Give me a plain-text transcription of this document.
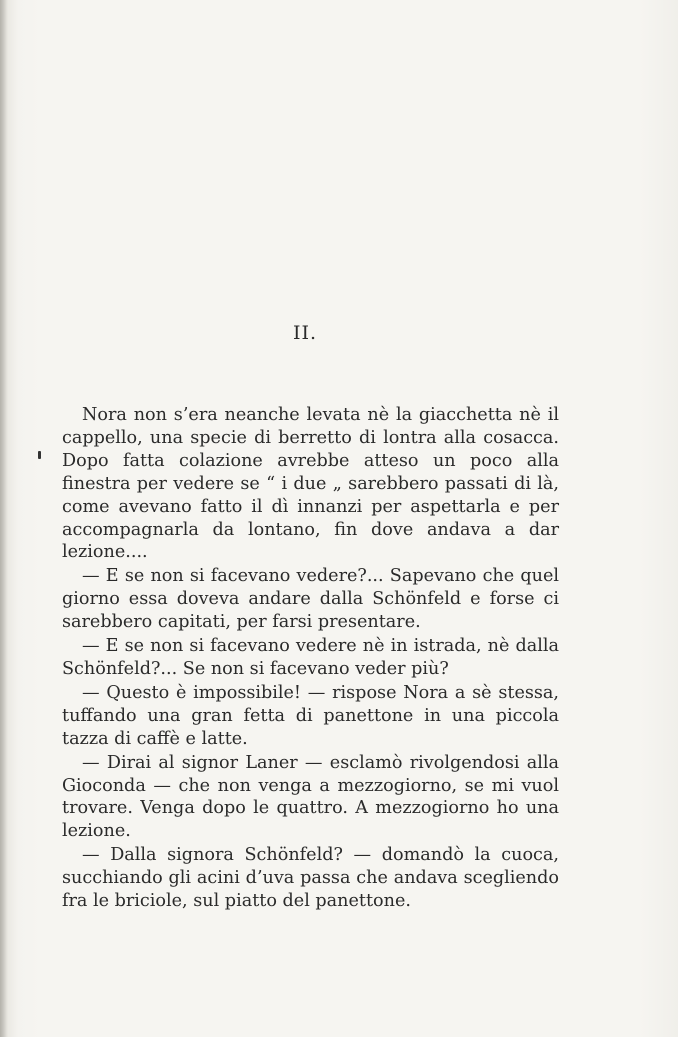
II.

Nora non s’era neanche levata nè la giacchetta nè il cappello, una specie di berretto di lontra alla cosacca. Dopo fatta colazione avrebbe atteso un poco alla finestra per vedere se “ i due „ sarebbero passati di là, come avevano fatto il dì innanzi per aspettarla e per accompagnarla da lontano, fin dove andava a dar lezione....

— E se non si facevano vedere?... Sapevano che quel giorno essa doveva andare dalla Schönfeld e forse ci sarebbero capitati, per farsi presentare.

— E se non si facevano vedere nè in istrada, nè dalla Schönfeld?... Se non si facevano veder più?

— Questo è impossibile! — rispose Nora a sè stessa, tuffando una gran fetta di panettone in una piccola tazza di caffè e latte.

— Dirai al signor Laner — esclamò rivolgendosi alla Gioconda — che non venga a mezzogiorno, se mi vuol trovare. Venga dopo le quattro. A mezzogiorno ho una lezione.

— Dalla signora Schönfeld? — domandò la cuoca, succhiando gli acini d’uva passa che andava scegliendo fra le briciole, sul piatto del panettone.
